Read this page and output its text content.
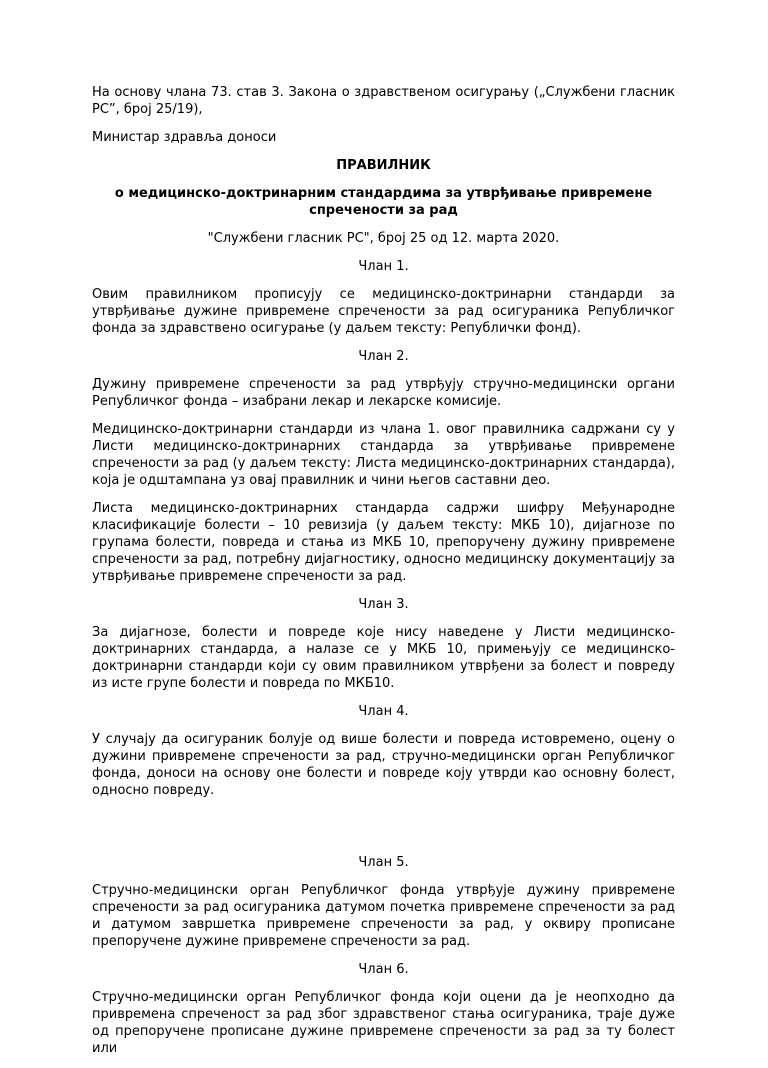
На основу члана 73. став 3. Закона о здравственом осигурању („Службени гласник РС”, број 25/19),

Министар здравља доноси

ПРАВИЛНИК

о медицинско-доктринарним стандардима за утврђивање привремене спречености за рад

"Службени гласник РС", број 25 од 12. марта 2020.

Члан 1.

Овим правилником прописују се медицинско-доктринарни стандарди за утврђивање дужине привремене спречености за рад осигураника Републичког фонда за здравствено осигурање (у даљем тексту: Републички фонд).

Члан 2.

Дужину привремене спречености за рад утврђују стручно-медицински органи Републичког фонда – изабрани лекар и лекарске комисије.

Медицинско-доктринарни стандарди из члана 1. овог правилника садржани су у Листи медицинско-доктринарних стандарда за утврђивање привремене спречености за рад (у даљем тексту: Листа медицинско-доктринарних стандарда), која је одштампана уз овај правилник и чини његов саставни део.

Листа медицинско-доктринарних стандарда садржи шифру Међународне класификације болести – 10 ревизија (у даљем тексту: МКБ 10), дијагнозе по групама болести, повреда и стања из МКБ 10, препоручену дужину привремене спречености за рад, потребну дијагностику, односно медицинску документацију за утврђивање привремене спречености за рад.

Члан 3.

За дијагнозе, болести и повреде које нису наведене у Листи медицинско-доктринарних стандарда, а налазе се у МКБ 10, примењују се медицинско-доктринарни стандарди који су овим правилником утврђени за болест и повреду из исте групе болести и повреда по МКБ10.

Члан 4.

У случају да осигураник болује од више болести и повреда истовремено, оцену о дужини привремене спречености за рад, стручно-медицински орган Републичког фонда, доноси на основу оне болести и повреде коју утврди као основну болест, односно повреду.

Члан 5.

Стручно-медицински орган Републичког фонда утврђује дужину привремене спречености за рад осигураника датумом почетка привремене спречености за рад и датумом завршетка привремене спречености за рад, у оквиру прописане препоручене дужине привремене спречености за рад.

Члан 6.

Стручно-медицински орган Републичког фонда који оцени да је неопходно да привремена спреченост за рад због здравственог стања осигураника, траје дуже од препоручене прописане дужине привремене спречености за рад за ту болест или
